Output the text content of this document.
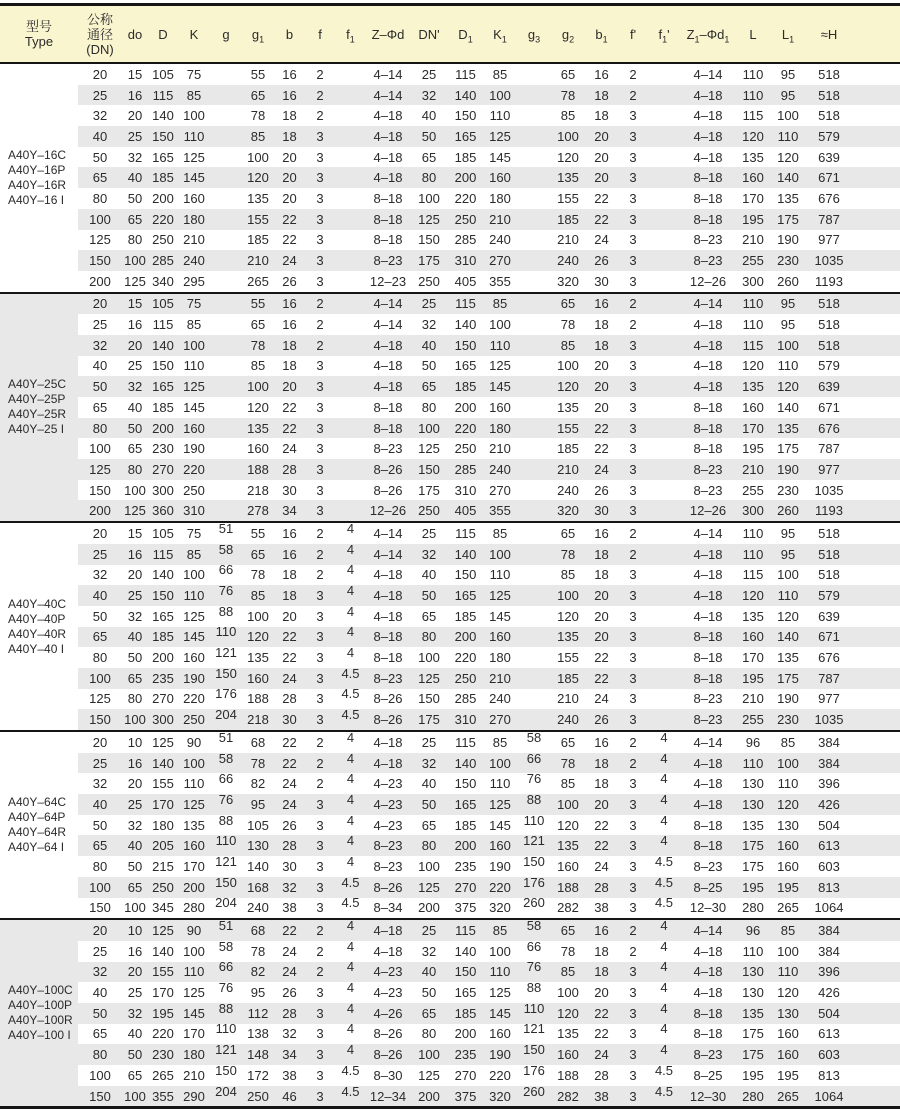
型号
Type

公称
通径
(DN)
	do	D	K	g	$g_1$	b	f	$f_1$	Z–Φd	DN'	$D_1$	$K_1$	$g_3$	$g_2$	$b_1$	f'	$f_1'$	$Z_1-\Phi d_1$	L	$L_1$	≈H	

A40Y–16C
A40Y–16P
A40Y–16R
A40Y–16 I	20	15	105	75		55	16	2		4–14	25	115	85		65	16	2		4–14	110	95	518	
	25	16	115	85		65	16	2		4–14	32	140	100		78	18	2		4–18	110	95	518	
	32	20	140	100		78	18	2		4–18	40	150	110		85	18	3		4–18	115	100	518	
	40	25	150	110		85	18	3		4–18	50	165	125		100	20	3		4–18	120	110	579	
	50	32	165	125		100	20	3		4–18	65	185	145		120	20	3		4–18	135	120	639	
	65	40	185	145		120	20	3		4–18	80	200	160		135	20	3		8–18	160	140	671	
	80	50	200	160		135	20	3		8–18	100	220	180		155	22	3		8–18	170	135	676	
	100	65	220	180		155	22	3		8–18	125	250	210		185	22	3		8–18	195	175	787	
	125	80	250	210		185	22	3		8–18	150	285	240		210	24	3		8–23	210	190	977	
	150	100	285	240		210	24	3		8–23	175	310	270		240	26	3		8–23	255	230	1035	
	200	125	340	295		265	26	3		12–23	250	405	355		320	30	3		12–26	300	260	1193	

A40Y–25C
A40Y–25P
A40Y–25R
A40Y–25 I	20	15	105	75		55	16	2		4–14	25	115	85		65	16	2		4–14	110	95	518	
	25	16	115	85		65	16	2		4–14	32	140	100		78	18	2		4–18	110	95	518	
	32	20	140	100		78	18	2		4–18	40	150	110		85	18	3		4–18	115	100	518	
	40	25	150	110		85	18	3		4–18	50	165	125		100	20	3		4–18	120	110	579	
	50	32	165	125		100	20	3		4–18	65	185	145		120	20	3		4–18	135	120	639	
	65	40	185	145		120	22	3		8–18	80	200	160		135	20	3		8–18	160	140	671	
	80	50	200	160		135	22	3		8–18	100	220	180		155	22	3		8–18	170	135	676	
	100	65	230	190		160	24	3		8–23	125	250	210		185	22	3		8–18	195	175	787	
	125	80	270	220		188	28	3		8–26	150	285	240		210	24	3		8–23	210	190	977	
	150	100	300	250		218	30	3		8–26	175	310	270		240	26	3		8–23	255	230	1035	
	200	125	360	310		278	34	3		12–26	250	405	355		320	30	3		12–26	300	260	1193	

A40Y–40C
A40Y–40P
A40Y–40R
A40Y–40 I	20	15	105	75	51	55	16	2	4	4–14	25	115	85		65	16	2		4–14	110	95	518	
	25	16	115	85	58	65	16	2	4	4–14	32	140	100		78	18	2		4–18	110	95	518	
	32	20	140	100	66	78	18	2	4	4–18	40	150	110		85	18	3		4–18	115	100	518	
	40	25	150	110	76	85	18	3	4	4–18	50	165	125		100	20	3		4–18	120	110	579	
	50	32	165	125	88	100	20	3	4	4–18	65	185	145		120	20	3		4–18	135	120	639	
	65	40	185	145	110	120	22	3	4	8–18	80	200	160		135	20	3		8–18	160	140	671	
	80	50	200	160	121	135	22	3	4	8–18	100	220	180		155	22	3		8–18	170	135	676	
	100	65	235	190	150	160	24	3	4.5	8–23	125	250	210		185	22	3		8–18	195	175	787	
	125	80	270	220	176	188	28	3	4.5	8–26	150	285	240		210	24	3		8–23	210	190	977	
	150	100	300	250	204	218	30	3	4.5	8–26	175	310	270		240	26	3		8–23	255	230	1035	

A40Y–64C
A40Y–64P
A40Y–64R
A40Y–64 I	20	10	125	90	51	68	22	2	4	4–18	25	115	85	58	65	16	2	4	4–14	96	85	384	
	25	16	140	100	58	78	22	2	4	4–18	32	140	100	66	78	18	2	4	4–18	110	100	384	
	32	20	155	110	66	82	24	2	4	4–23	40	150	110	76	85	18	3	4	4–18	130	110	396	
	40	25	170	125	76	95	24	3	4	4–23	50	165	125	88	100	20	3	4	4–18	130	120	426	
	50	32	180	135	88	105	26	3	4	4–23	65	185	145	110	120	22	3	4	8–18	135	130	504	
	65	40	205	160	110	130	28	3	4	8–23	80	200	160	121	135	22	3	4	8–18	175	160	613	
	80	50	215	170	121	140	30	3	4	8–23	100	235	190	150	160	24	3	4.5	8–23	175	160	603	
	100	65	250	200	150	168	32	3	4.5	8–26	125	270	220	176	188	28	3	4.5	8–25	195	195	813	
	150	100	345	280	204	240	38	3	4.5	8–34	200	375	320	260	282	38	3	4.5	12–30	280	265	1064	

A40Y–100C
A40Y–100P
A40Y–100R
A40Y–100 I	20	10	125	90	51	68	22	2	4	4–18	25	115	85	58	65	16	2	4	4–14	96	85	384	
	25	16	140	100	58	78	24	2	4	4–18	32	140	100	66	78	18	2	4	4–18	110	100	384	
	32	20	155	110	66	82	24	2	4	4–23	40	150	110	76	85	18	3	4	4–18	130	110	396	
	40	25	170	125	76	95	26	3	4	4–23	50	165	125	88	100	20	3	4	4–18	130	120	426	
	50	32	195	145	88	112	28	3	4	4–26	65	185	145	110	120	22	3	4	8–18	135	130	504	
	65	40	220	170	110	138	32	3	4	8–26	80	200	160	121	135	22	3	4	8–18	175	160	613	
	80	50	230	180	121	148	34	3	4	8–26	100	235	190	150	160	24	3	4	8–23	175	160	603	
	100	65	265	210	150	172	38	3	4.5	8–30	125	270	220	176	188	28	3	4.5	8–25	195	195	813	
	150	100	355	290	204	250	46	3	4.5	12–34	200	375	320	260	282	38	3	4.5	12–30	280	265	1064	
